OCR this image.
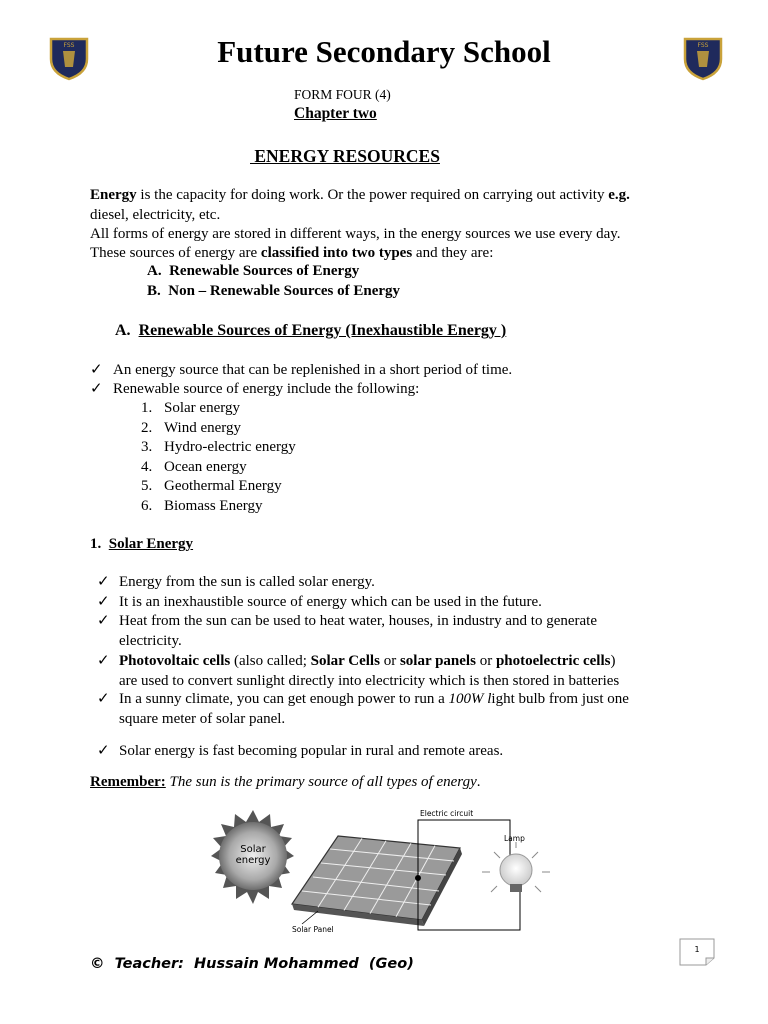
FSS	FSS
Future Secondary School
FORM FOUR (4)
Chapter two
ENERGY RESOURCES
Energy is the capacity for doing work. Or the power required on carrying out activity e.g.
diesel, electricity, etc.
All forms of energy are stored in different ways, in the energy sources we use every day.
These sources of energy are classified into two types and they are:
A.  Renewable Sources of Energy
B.  Non – Renewable Sources of Energy
A. Renewable Sources of Energy (Inexhaustible Energy )
✓ An energy source that can be replenished in a short period of time.
✓ Renewable source of energy include the following:
1. Solar energy
2. Wind energy
3. Hydro-electric energy
4. Ocean energy
5. Geothermal Energy
6. Biomass Energy
1. Solar Energy
✓ Energy from the sun is called solar energy.
✓ It is an inexhaustible source of energy which can be used in the future.
✓ Heat from the sun can be used to heat water, houses, in industry and to generate
electricity.
✓ Photovoltaic cells (also called; Solar Cells or solar panels or photoelectric cells)
are used to convert sunlight directly into electricity which is then stored in batteries
✓ In a sunny climate, you can get enough power to run a 100W light bulb from just one
square meter of solar panel.
✓ Solar energy is fast becoming popular in rural and remote areas.
Remember: The sun is the primary source of all types of energy.
Solar
energy
Solar Panel
Electric circuit
Lamp
©  Teacher:  Hussain Mohammed  (Geo)
1
